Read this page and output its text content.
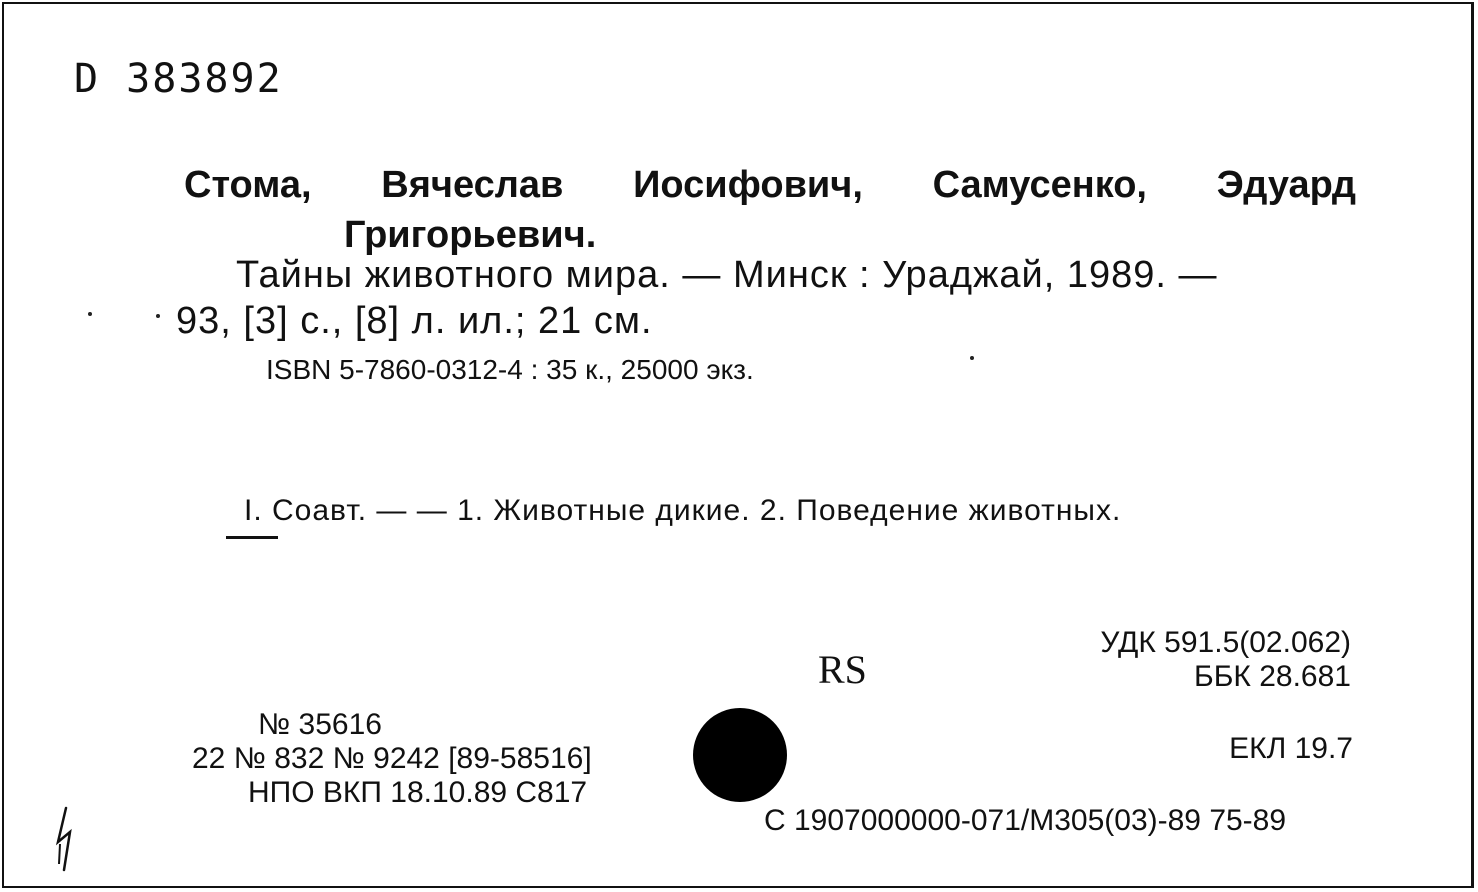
D 383892
Стома, Вячеслав Иосифович, Самусенко, Эдуард
Григорьевич.
Тайны животного мира. — Минск : Ураджай, 1989. —
93, [3] с., [8] л. ил.; 21 см.
ISBN 5-7860-0312-4 : 35 к., 25000 экз.
I. Соавт. — — 1. Животные дикие. 2. Поведение животных.
RS
УДК 591.5(02.062)
ББК 28.681
ЕКЛ 19.7
№ 35616
22 № 832 № 9242 [89-58516]
НПО ВКП 18.10.89 С817
С 1907000000-071/М305(03)-89 75-89
